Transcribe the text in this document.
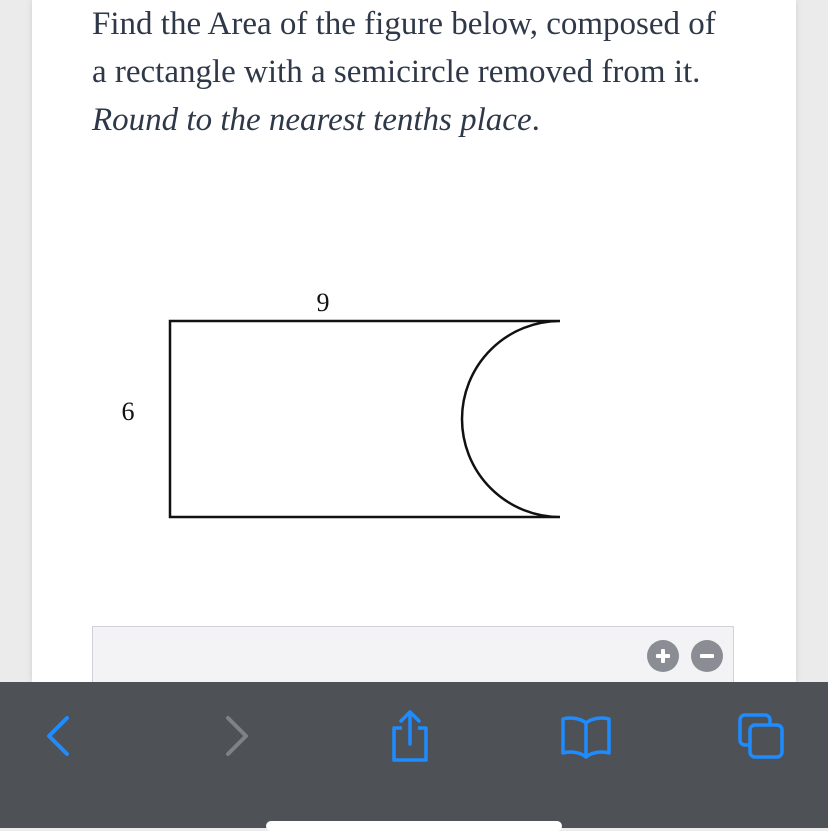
Find the Area of the figure below, composed of a rectangle with a semicircle removed from it. Round to the nearest tenths place.

9
6
